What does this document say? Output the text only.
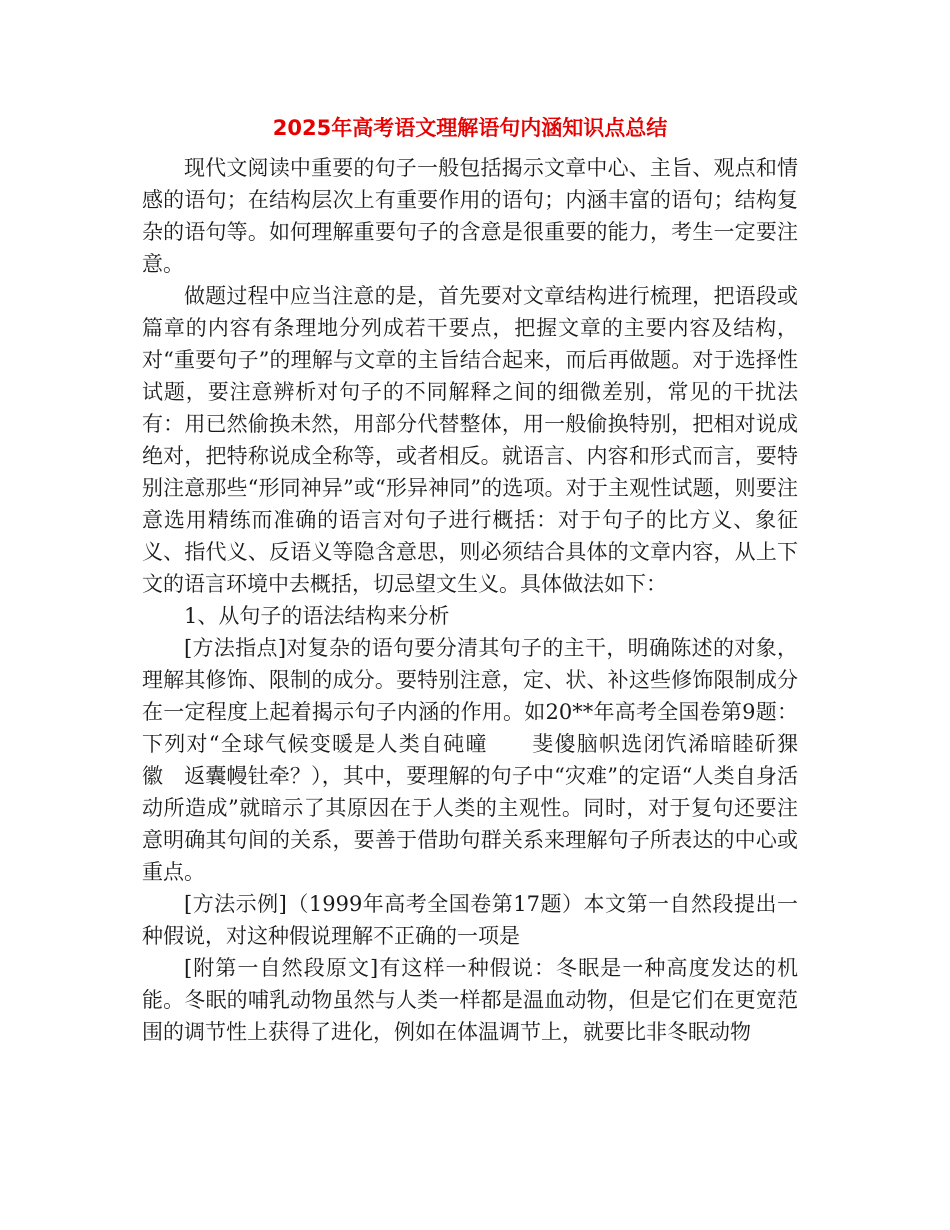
2025年高考语文理解语句内涵知识点总结

现代文阅读中重要的句子一般包括揭示文章中心、主旨、观点和情感的语句；在结构层次上有重要作用的语句；内涵丰富的语句；结构复杂的语句等。如何理解重要句子的含意是很重要的能力，考生一定要注意。

做题过程中应当注意的是，首先要对文章结构进行梳理，把语段或篇章的内容有条理地分列成若干要点，把握文章的主要内容及结构，对“重要句子”的理解与文章的主旨结合起来，而后再做题。对于选择性试题，要注意辨析对句子的不同解释之间的细微差别，常见的干扰法有：用已然偷换未然，用部分代替整体，用一般偷换特别，把相对说成绝对，把特称说成全称等，或者相反。就语言、内容和形式而言，要特别注意那些“形同神异”或“形异神同”的选项。对于主观性试题，则要注意选用精练而准确的语言对句子进行概括：对于句子的比方义、象征义、指代义、反语义等隐含意思，则必须结合具体的文章内容，从上下文的语言环境中去概括，切忌望文生义。具体做法如下：

1、从句子的语法结构来分析

[方法指点]对复杂的语句要分清其句子的主干，明确陈述的对象，理解其修饰、限制的成分。要特别注意，定、状、补这些修饰限制成分在一定程度上起着揭示句子内涵的作用。如20**年高考全国卷第9题：下列对“全球气候变暖是人类自砘曈　　斐傻脑帜选闭饩浠暗睦斫猓　徽　返囊幔钍牵？），其中，要理解的句子中“灾难”的定语“人类自身活动所造成”就暗示了其原因在于人类的主观性。同时，对于复句还要注意明确其句间的关系，要善于借助句群关系来理解句子所表达的中心或重点。

[方法示例]（1999年高考全国卷第17题）本文第一自然段提出一种假说，对这种假说理解不正确的一项是

[附第一自然段原文]有这样一种假说：冬眠是一种高度发达的机能。冬眠的哺乳动物虽然与人类一样都是温血动物，但是它们在更宽范围的调节性上获得了进化，例如在体温调节上，就要比非冬眠动物
